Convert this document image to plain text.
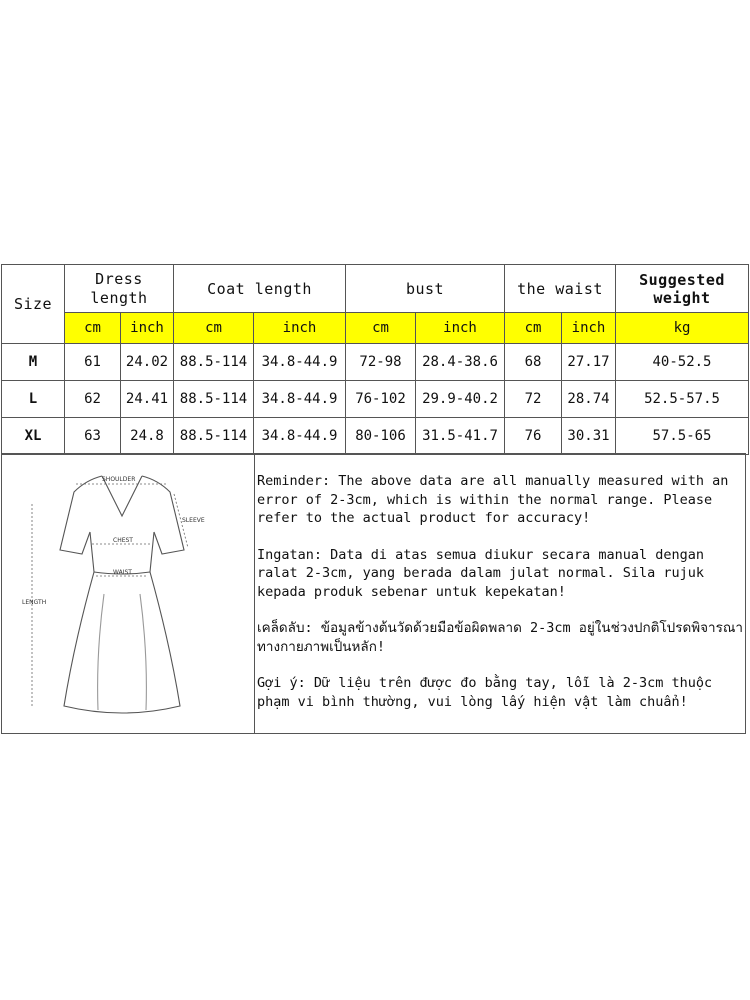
Size	Dress length		Coat length		bust		the waist		Suggested weight
	cm	inch	cm	inch	cm	inch	cm	inch	kg
M	61	24.02	88.5-114	34.8-44.9	72-98	28.4-38.6	68	27.17	40-52.5
L	62	24.41	88.5-114	34.8-44.9	76-102	29.9-40.2	72	28.74	52.5-57.5
XL	63	24.8	88.5-114	34.8-44.9	80-106	31.5-41.7	76	30.31	57.5-65
SHOULDER
SLEEVE
CHEST
WAIST
LENGTH

Reminder: The above data are all manually measured with an error of 2-3cm, which is within the normal range. Please refer to the actual product for accuracy!

Ingatan: Data di atas semua diukur secara manual dengan ralat 2-3cm, yang berada dalam julat normal. Sila rujuk kepada produk sebenar untuk kepekatan!

เคล็ดลับ: ข้อมูลข้างต้นวัดด้วยมือข้อผิดพลาด 2-3cm อยู่ในช่วงปกติโปรดพิจารณาทางกายภาพเป็นหลัก!

Gợi ý: Dữ liệu trên được đo bằng tay, lỗi là 2-3cm thuộc phạm vi bình thường, vui lòng lấy hiện vật làm chuẩn!
